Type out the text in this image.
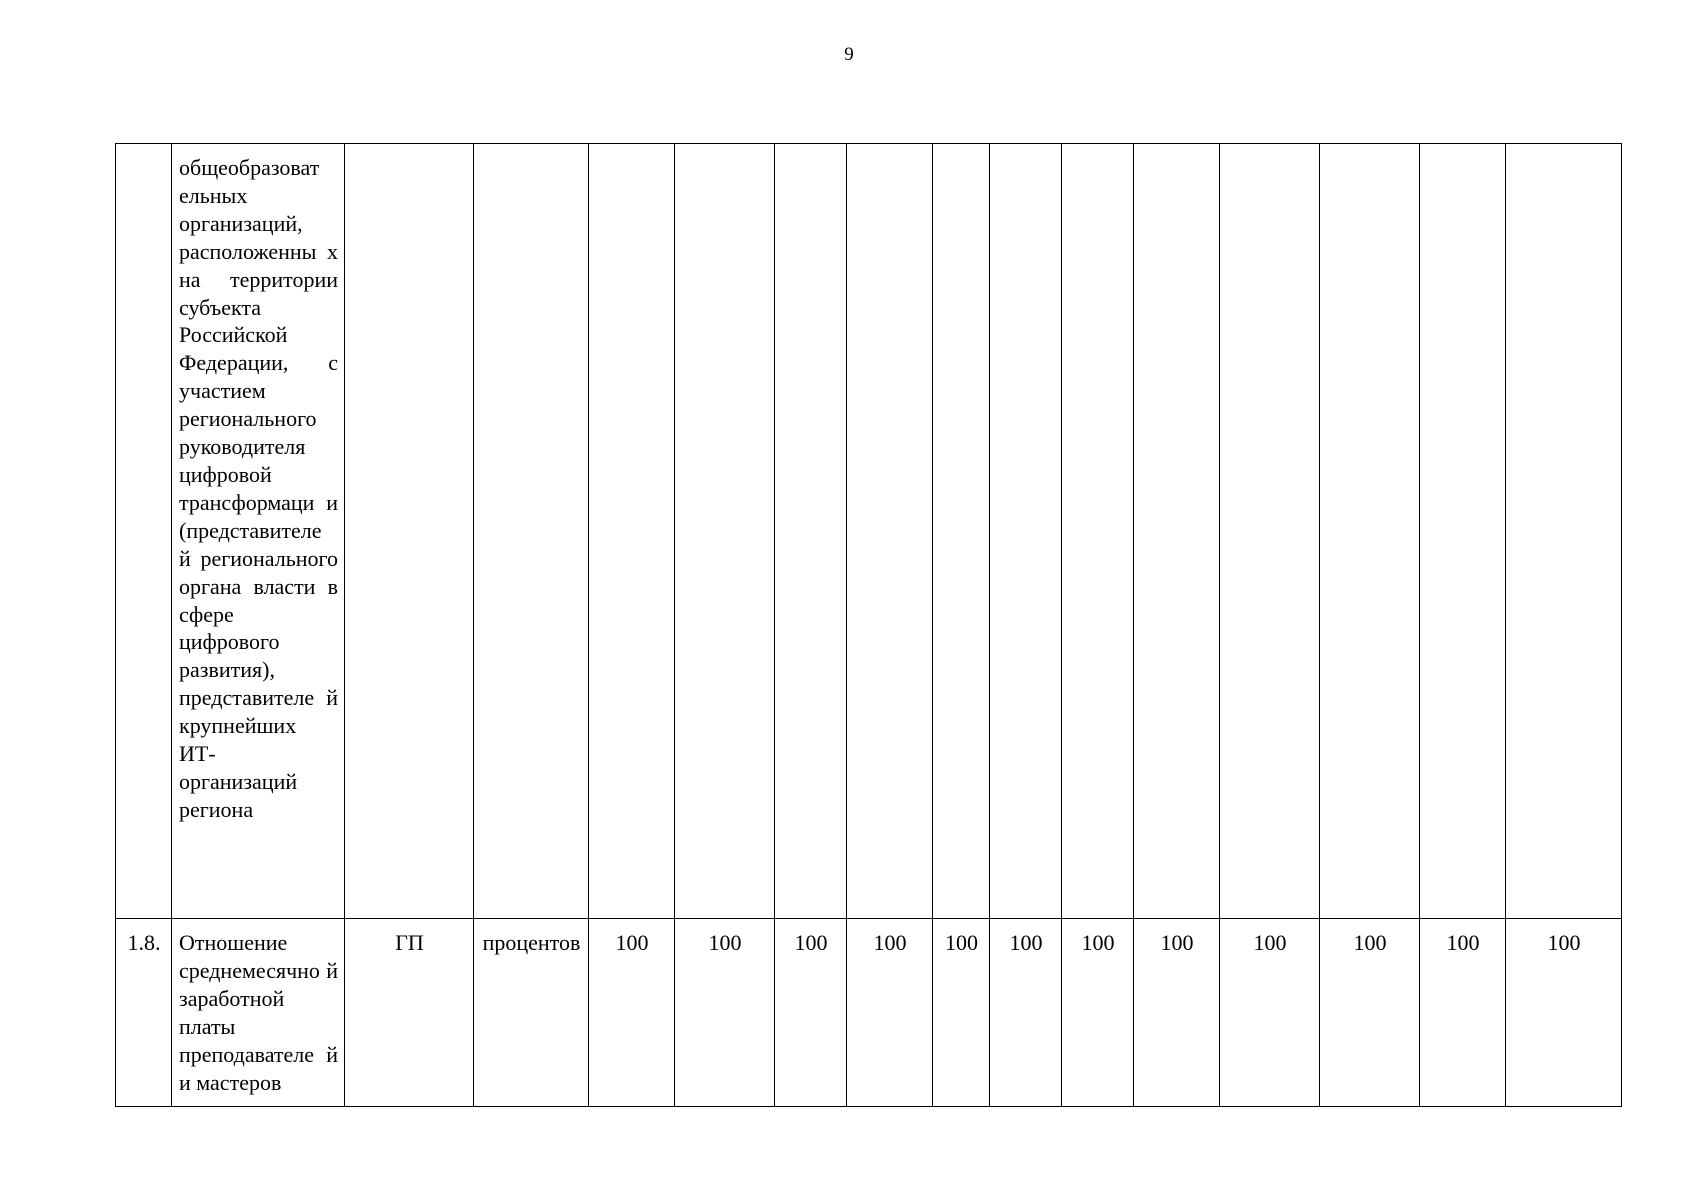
9
	общеобразоват ельных организаций, расположенны х на территории субъекта Российской Федерации, с участием регионального руководителя цифровой трансформаци и (представителе й регионального органа власти в сфере цифрового развития), представителе й крупнейших ИТ- организаций региона														
1.8.	Отношение среднемесячно й заработной платы преподавателе й и мастеров	ГП	процентов	100	100	100	100	100	100	100	100	100	100	100	100
